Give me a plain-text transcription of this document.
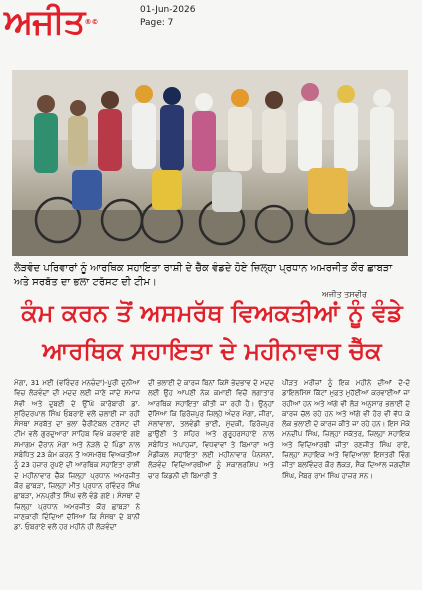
ਅਜੀਤ®©
01-Jun-2026
Page: 7
ਲੋੜਵੰਦ ਪਰਿਵਾਰਾਂ ਨੂੰ ਆਰਥਿਕ ਸਹਾਇਤਾ ਰਾਸ਼ੀ ਦੇ ਚੈੱਕ ਵੰਡਦੇ ਹੋਏ ਜ਼ਿਲ੍ਹਾ ਪ੍ਰਧਾਨ ਅਮਰਜੀਤ ਕੌਰ ਛਾਬੜਾ ਅਤੇ ਸਰਬੱਤ ਦਾ ਭਲਾ ਟਰੱਸਟ ਦੀ ਟੀਮ।
ਅਜੀਤ ਤਸਵੀਰ
ਕੰਮ ਕਰਨ ਤੋਂ ਅਸਮਰੱਥ ਵਿਅਕਤੀਆਂ ਨੂੰ ਵੰਡੇ
ਆਰਥਿਕ ਸਹਾਇਤਾ ਦੇ ਮਹੀਨਾਵਾਰ ਚੈੱਕ
ਮੋਗਾ, 31 ਮਈ (ਵਰਿੰਦਰ ਮਨਚੰਦਾ)-ਪੂਰੀ ਦੁਨੀਆ ਵਿਚ ਲੋੜਵੰਦਾਂ ਦੀ ਮਦਦ ਲਈ ਜਾਣੇ ਜਾਂਦੇ ਸਮਾਜ ਸੇਵੀ ਅਤੇ ਦੁਬਈ ਦੇ ਉੱਘੇ ਕਾਰੋਬਾਰੀ ਡਾ. ਸੁਰਿੰਦਰਪਾਲ ਸਿੰਘ ਓਬਰਾਏ ਵਲੋਂ ਚਲਾਈ ਜਾ ਰਹੀ ਸੰਸਥਾ ਸਰਬੱਤ ਦਾ ਭਲਾ ਚੈਰੀਟੇਬਲ ਟਰੱਸਟ ਦੀ ਟੀਮ ਵਲੋਂ ਗੁਰਦੁਆਰਾ ਸਾਹਿਬ ਵਿਖੇ ਕਰਵਾਏ ਗਏ ਸਮਾਗਮ ਦੌਰਾਨ ਮੋਗਾ ਅਤੇ ਨੇੜਲੇ ਦੇ ਪਿੰਡਾਂ ਨਾਲ ਸਬੰਧਿਤ 23 ਕੰਮ ਕਰਨ ਤੋਂ ਅਸਮਰੱਥ ਵਿਅਕਤੀਆਂ ਨੂੰ 23 ਹਜ਼ਾਰ ਰੁਪਏ ਦੀ ਆਰਥਿਕ ਸਹਾਇਤਾ ਰਾਸ਼ੀ ਦੇ ਮਹੀਨਾਵਾਰ ਚੈੱਕ ਜ਼ਿਲ੍ਹਾ ਪ੍ਰਧਾਨ ਅਮਰਜੀਤ ਕੌਰ ਛਾਬੜਾ, ਜ਼ਿਲ੍ਹਾ ਮੀਤ ਪ੍ਰਧਾਨ ਰਵਿੰਦਰ ਸਿੰਘ ਛਾਬੜਾ, ਮਨਪ੍ਰੀਤ ਸਿੰਘ ਵਲੋਂ ਵੰਡੇ ਗਏ। ਸੰਸਥਾ ਦੇ ਜ਼ਿਲ੍ਹਾ ਪ੍ਰਧਾਨ ਅਮਰਜੀਤ ਕੌਰ ਛਾਬੜਾ ਨੇ ਜਾਣਕਾਰੀ ਦਿੰਦਿਆਂ ਦੱਸਿਆ ਕਿ ਸੰਸਥਾ ਦੇ ਬਾਨੀ ਡਾ. ਓਬਰਾਏ ਵਲੋਂ ਹਰ ਮਹੀਨੇ ਹੀ ਲੋੜਵੰਦਾਂ
ਦੀ ਭਲਾਈ ਦੇ ਕਾਰਜ ਬਿਨਾਂ ਕਿਸੇ ਭੇਦਭਾਵ ਦੇ ਮਦਦ ਲਈ ਉਹ ਆਪਣੀ ਨੇਕ ਕਮਾਈ ਵਿਚੋਂ ਲਗਾਤਾਰ ਆਰਥਿਕ ਸਹਾਇਤਾ ਕੀਤੀ ਜਾ ਰਹੀ ਹੈ। ਉਨ੍ਹਾਂ ਦੱਸਿਆ ਕਿ ਫ਼ਿਰੋਜ਼ਪੁਰ ਜ਼ਿਲ੍ਹੇ ਅੰਦਰ ਮੋਗਾ, ਜੀਰਾ, ਮੱਲਾਂਵਾਲਾ, ਤਲਵੰਡੀ ਭਾਈ, ਮੁੱਦਕੀ, ਫ਼ਿਰੋਜ਼ਪੁਰ ਛਾਉਣੀ ਤੇ ਸ਼ਹਿਰ ਅਤੇ ਗੁਰੂਹਰਸਹਾਏ ਨਾਲ ਸਬੰਧਿਤ ਅਪਾਹਜਾਂ, ਵਿਧਵਾਵਾਂ ਤੇ ਬਿਮਾਰਾਂ ਅਤੇ ਮੈਡੀਕਲ ਸਹਾਇਤਾ ਲਈ ਮਹੀਨਾਵਾਰ ਪੈਨਸ਼ਨਾਂ, ਲੋੜਵੰਦ ਵਿਦਿਆਰਥੀਆਂ ਨੂੰ ਸਕਾਲਰਸ਼ਿਪ ਅਤੇ ਚਾਰ ਕਿਡਨੀ ਦੀ ਬਿਮਾਰੀ ਤੋਂ
ਪੀੜਤ ਮਰੀਜ਼ਾਂ ਨੂੰ ਇਕ ਮਹੀਨੇ ਦੀਆਂ ਦੋ-ਦੋ ਡਾਇਲਸਿਸ ਕਿੱਟਾਂ ਮੁਫ਼ਤ ਮੁਹੱਈਆ ਕਰਵਾਈਆਂ ਜਾ ਰਹੀਆਂ ਹਨ ਅਤੇ ਅੱਗੇ ਵੀ ਲੋੜ ਅਨੁਸਾਰ ਭਲਾਈ ਦੇ ਕਾਰਜ ਚੱਲ ਰਹੇ ਹਨ ਅਤੇ ਅੱਗੇ ਵੀ ਹੋਰ ਵੀ ਵੱਧ ਕੇ ਲੋਕ ਭਲਾਈ ਦੇ ਕਾਰਜ ਕੀਤੇ ਜਾ ਰਹੇ ਹਨ। ਇਸ ਮੌਕੇ ਮਨਦੀਪ ਸਿੰਘ, ਜ਼ਿਲ੍ਹਾ ਸਕੱਤਰ, ਜ਼ਿਲ੍ਹਾ ਸਹਾਇਕ ਅਤੇ ਵਿਦਿਆਰਥੀ ਜੀਤਾ ਰਣਜੀਤ ਸਿੰਘ ਰਾਏ, ਜ਼ਿਲ੍ਹਾ ਸਹਾਇਕ ਅਤੇ ਵਿਦਿਆਲਾ ਇਸਤਰੀ ਵਿੰਗ ਜੀਤਾ ਬਲਵਿੰਦਰ ਕੌਰ ਲੱਕੜ, ਸੈਕ ਦਿਆਲ ਜਗਦੀਸ਼ ਸਿੰਘ, ਮੈਂਬਰ ਰਾਮ ਸਿੰਘ ਹਾਜ਼ਰ ਸਨ।
